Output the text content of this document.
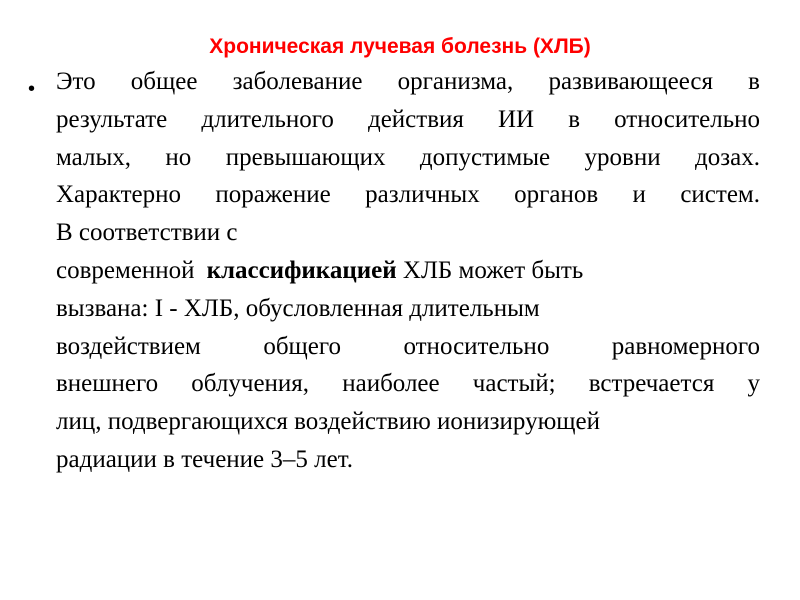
Хроническая лучевая болезнь (ХЛБ)
• Это общее заболевание организма, развивающееся в
результате длительного действия ИИ в относительно
малых, но превышающих допустимые уровни дозах.
Характерно поражение различных органов и систем.
В соответствии с
современной классификацией ХЛБ может быть
вызвана: I - ХЛБ, обусловленная длительным
воздействием общего относительно равномерного
внешнего облучения, наиболее частый; встречается у
лиц, подвергающихся воздействию ионизирующей
радиации в течение 3–5 лет.
